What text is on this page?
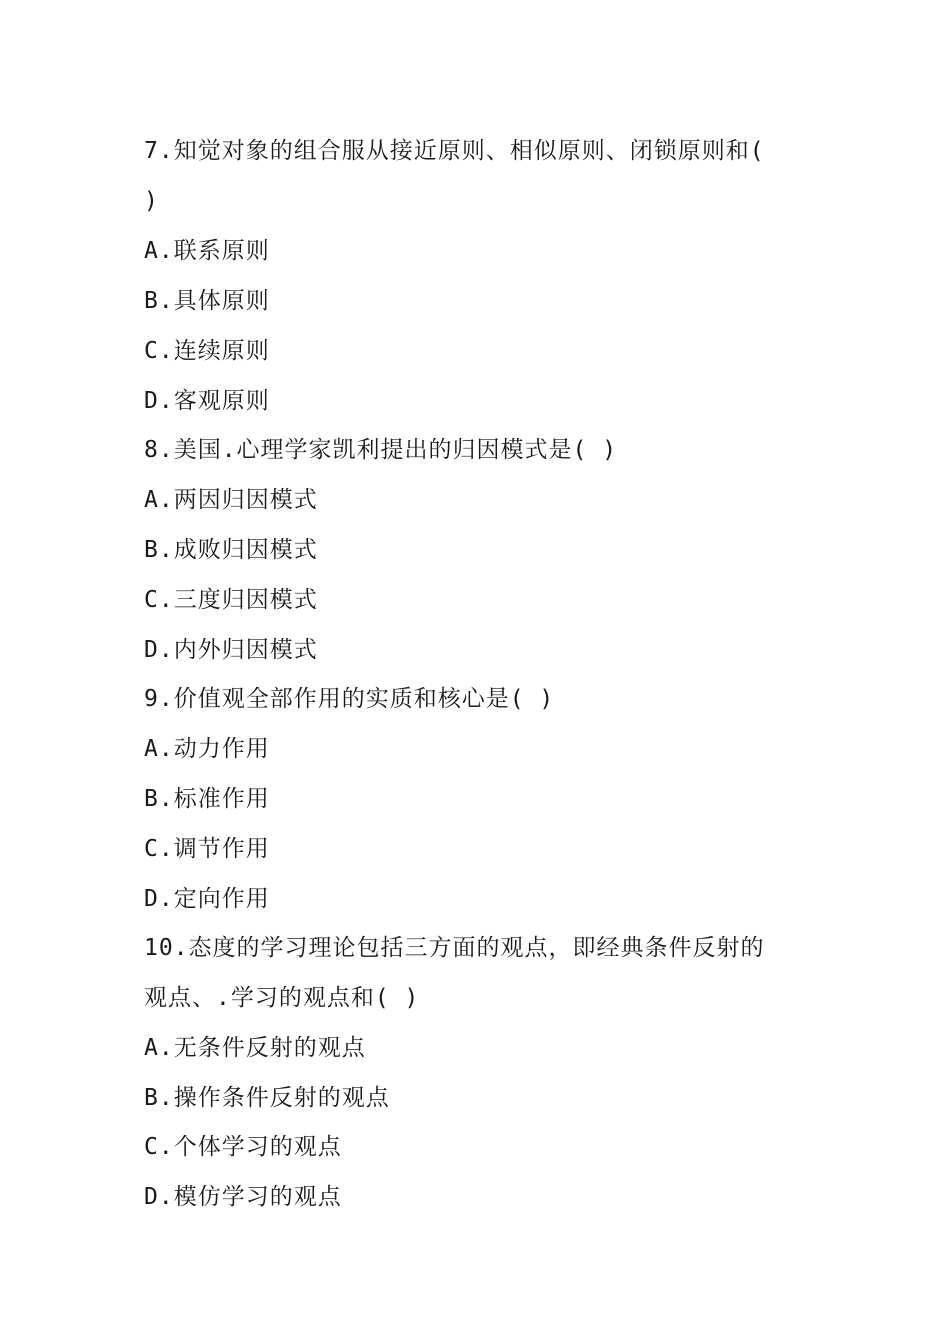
7.知觉对象的组合服从接近原则、相似原则、闭锁原则和(
)
A.联系原则
B.具体原则
C.连续原则
D.客观原则
8.美国.心理学家凯利提出的归因模式是( )
A.两因归因模式
B.成败归因模式
C.三度归因模式
D.内外归因模式
9.价值观全部作用的实质和核心是( )
A.动力作用
B.标准作用
C.调节作用
D.定向作用
10.态度的学习理论包括三方面的观点，即经典条件反射的
观点、.学习的观点和( )
A.无条件反射的观点
B.操作条件反射的观点
C.个体学习的观点
D.模仿学习的观点
